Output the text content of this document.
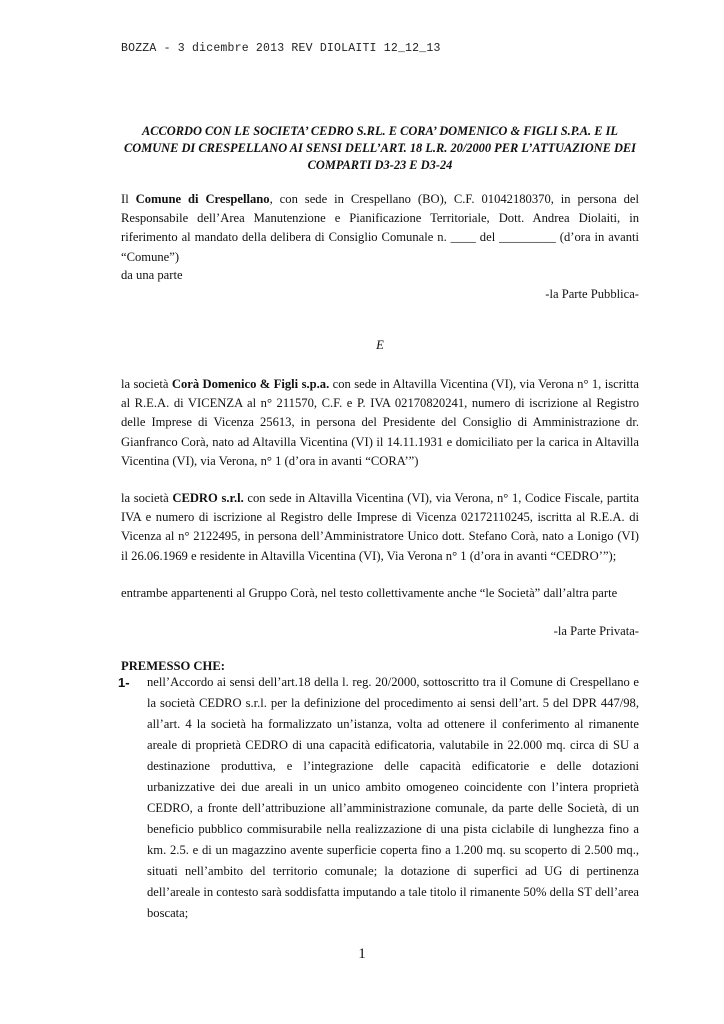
BOZZA - 3 dicembre 2013 REV DIOLAITI 12_12_13
ACCORDO CON LE SOCIETA’ CEDRO S.RL. E CORA’ DOMENICO & FIGLI S.P.A. E IL COMUNE DI CRESPELLANO AI SENSI DELL’ART. 18 L.R. 20/2000 PER L’ATTUAZIONE DEI COMPARTI D3-23 E D3-24
Il Comune di Crespellano, con sede in Crespellano (BO), C.F. 01042180370, in persona del Responsabile dell’Area Manutenzione e Pianificazione Territoriale, Dott. Andrea Diolaiti, in riferimento al mandato della delibera di Consiglio Comunale n. ____ del _________ (d’ora in avanti “Comune”)
da una parte
-la Parte Pubblica-
E
la società Corà Domenico & Figli s.p.a. con sede in Altavilla Vicentina (VI), via Verona n° 1, iscritta al R.E.A. di VICENZA al n° 211570, C.F. e P. IVA 02170820241, numero di iscrizione al Registro delle Imprese di Vicenza 25613, in persona del Presidente del Consiglio di Amministrazione dr. Gianfranco Corà, nato ad Altavilla Vicentina (VI) il 14.11.1931 e domiciliato per la carica in Altavilla Vicentina (VI), via Verona, n° 1 (d’ora in avanti “CORA’”)
la società CEDRO s.r.l. con sede in Altavilla Vicentina (VI), via Verona, n° 1, Codice Fiscale, partita IVA e numero di iscrizione al Registro delle Imprese di Vicenza 02172110245, iscritta al R.E.A. di Vicenza al n° 2122495, in persona dell’Amministratore Unico dott. Stefano Corà, nato a Lonigo (VI) il 26.06.1969 e residente in Altavilla Vicentina (VI), Via Verona n° 1 (d’ora in avanti “CEDRO’”);
entrambe appartenenti al Gruppo Corà, nel testo collettivamente anche “le Società” dall’altra parte
-la Parte Privata-
PREMESSO CHE:
1- nell’Accordo ai sensi dell’art.18 della l. reg. 20/2000, sottoscritto tra il Comune di Crespellano e la società CEDRO s.r.l. per la definizione del procedimento ai sensi dell’art. 5 del DPR 447/98, all’art. 4 la società ha formalizzato un’istanza, volta ad ottenere il conferimento al rimanente areale di proprietà CEDRO di una capacità edificatoria, valutabile in 22.000 mq. circa di SU a destinazione produttiva, e l’integrazione delle capacità edificatorie e delle dotazioni urbanizzative dei due areali in un unico ambito omogeneo coincidente con l’intera proprietà CEDRO, a fronte dell’attribuzione all’amministrazione comunale, da parte delle Società, di un beneficio pubblico commisurabile nella realizzazione di una pista ciclabile di lunghezza fino a km. 2.5. e di un magazzino avente superficie coperta fino a 1.200 mq. su scoperto di 2.500 mq., situati nell’ambito del territorio comunale; la dotazione di superfici ad UG di pertinenza dell’areale in contesto sarà soddisfatta imputando a tale titolo il rimanente 50% della ST dell’area boscata;
1
